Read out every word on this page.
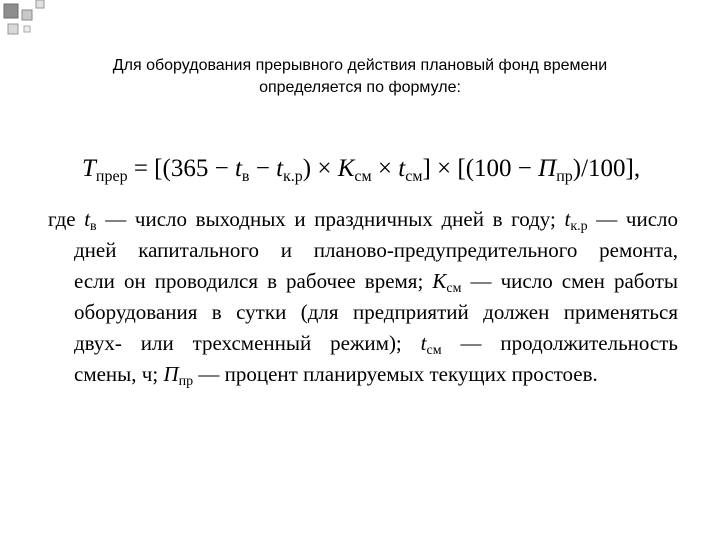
Для оборудования прерывного действия плановый фонд времени
определяется по формуле:
$T_{прер} = [(365 - t_в - t_{к.р}) \times K_{см} \times t_{см}] \times [(100 - П_{пр})/100]$,
где $t_в$ — число выходных и праздничных дней в году; $t_{к.р}$ — число
дней капитального и планово-предупредительного ремонта,
если он проводился в рабочее время; $K_{см}$ — число смен работы
оборудования в сутки (для предприятий должен применяться
двух- или трехсменный режим); $t_{см}$ — продолжительность
смены, ч; $П_{пр}$ — процент планируемых текущих простоев.
